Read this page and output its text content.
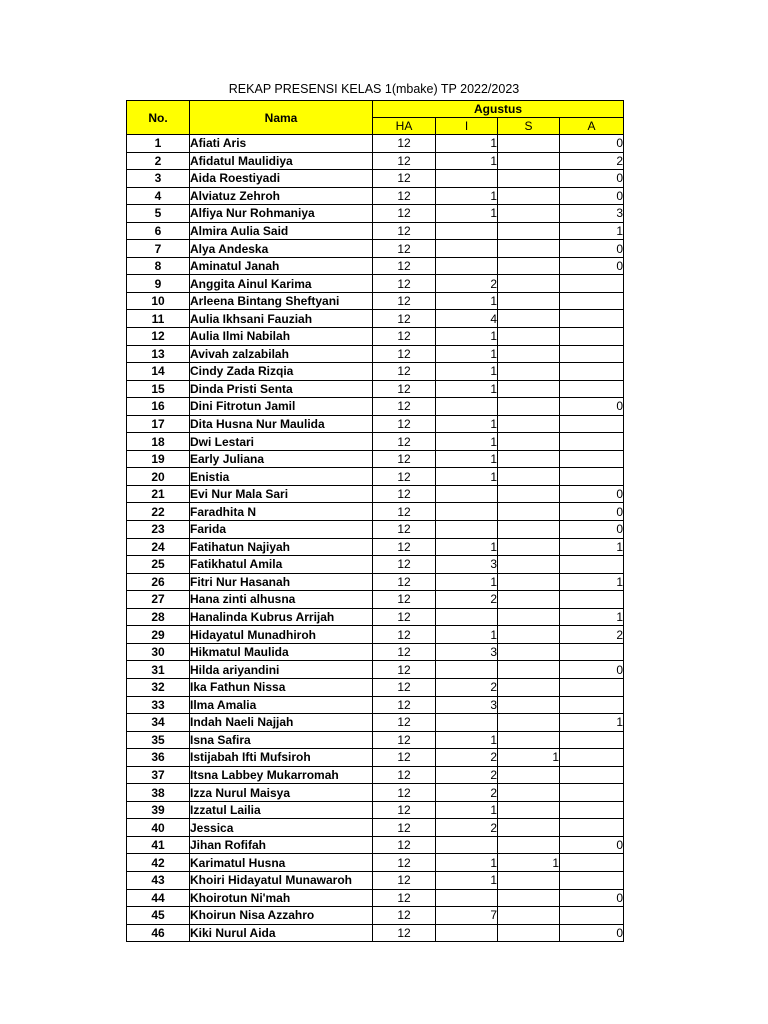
REKAP PRESENSI KELAS 1(mbake) TP 2022/2023
No.	Nama	Agustus			
		HA	I	S	A
1	Afiati Aris	12	1		0
2	Afidatul Maulidiya	12	1		2
3	Aida Roestiyadi	12			0
4	Alviatuz Zehroh	12	1		0
5	Alfiya Nur Rohmaniya	12	1		3
6	Almira Aulia Said	12			1
7	Alya Andeska	12			0
8	Aminatul Janah	12			0
9	Anggita Ainul Karima	12	2		
10	Arleena Bintang Sheftyani	12	1		
11	Aulia Ikhsani Fauziah	12	4		
12	Aulia Ilmi Nabilah	12	1		
13	Avivah zalzabilah	12	1		
14	Cindy Zada Rizqia	12	1		
15	Dinda Pristi Senta	12	1		
16	Dini Fitrotun Jamil	12			0
17	Dita Husna Nur Maulida	12	1		
18	Dwi Lestari	12	1		
19	Early Juliana	12	1		
20	Enistia	12	1		
21	Evi Nur Mala Sari	12			0
22	Faradhita N	12			0
23	Farida	12			0
24	Fatihatun Najiyah	12	1		1
25	Fatikhatul Amila	12	3		
26	Fitri Nur Hasanah	12	1		1
27	Hana zinti alhusna	12	2		
28	Hanalinda Kubrus Arrijah	12			1
29	Hidayatul Munadhiroh	12	1		2
30	Hikmatul Maulida	12	3		
31	Hilda ariyandini	12			0
32	Ika Fathun Nissa	12	2		
33	Ilma Amalia	12	3		
34	Indah Naeli Najjah	12			1
35	Isna Safira	12	1		
36	Istijabah Ifti Mufsiroh	12	2	1	
37	Itsna Labbey Mukarromah	12	2		
38	Izza Nurul Maisya	12	2		
39	Izzatul Lailia	12	1		
40	Jessica	12	2		
41	Jihan Rofifah	12			0
42	Karimatul Husna	12	1	1	
43	Khoiri Hidayatul Munawaroh	12	1		
44	Khoirotun Ni'mah	12			0
45	Khoirun Nisa Azzahro	12	7		
46	Kiki Nurul Aida	12			0
